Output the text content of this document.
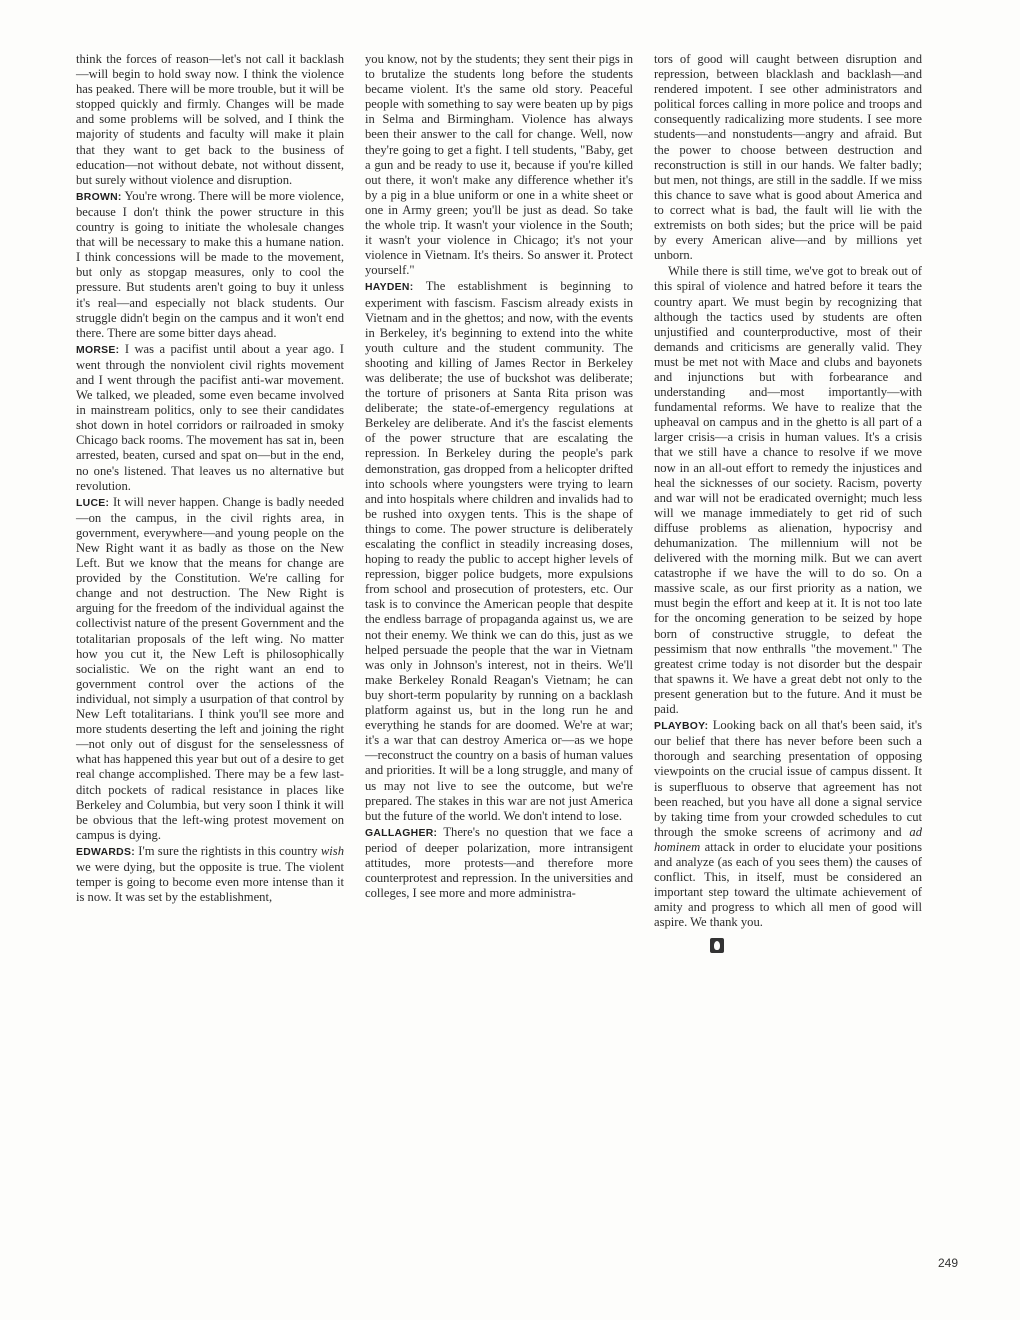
think the forces of reason—let's not call it backlash—will begin to hold sway now. I think the violence has peaked. There will be more trouble, but it will be stopped quickly and firmly. Changes will be made and some problems will be solved, and I think the majority of students and faculty will make it plain that they want to get back to the business of education—not without debate, not without dissent, but surely without violence and disruption.

BROWN: You're wrong. There will be more violence, because I don't think the power structure in this country is going to initiate the wholesale changes that will be necessary to make this a humane nation. I think concessions will be made to the movement, but only as stopgap measures, only to cool the pressure. But students aren't going to buy it unless it's real—and especially not black students. Our struggle didn't begin on the campus and it won't end there. There are some bitter days ahead.

MORSE: I was a pacifist until about a year ago. I went through the nonviolent civil rights movement and I went through the pacifist anti-war movement. We talked, we pleaded, some even became involved in mainstream politics, only to see their candidates shot down in hotel corridors or railroaded in smoky Chicago back rooms. The movement has sat in, been arrested, beaten, cursed and spat on—but in the end, no one's listened. That leaves us no alternative but revolution.

LUCE: It will never happen. Change is badly needed—on the campus, in the civil rights area, in government, everywhere—and young people on the New Right want it as badly as those on the New Left. But we know that the means for change are provided by the Constitution. We're calling for change and not destruction. The New Right is arguing for the freedom of the individual against the collectivist nature of the present Government and the totalitarian proposals of the left wing. No matter how you cut it, the New Left is philosophically socialistic. We on the right want an end to government control over the actions of the individual, not simply a usurpation of that control by New Left totalitarians. I think you'll see more and more students deserting the left and joining the right—not only out of disgust for the senselessness of what has happened this year but out of a desire to get real change accomplished. There may be a few last-ditch pockets of radical resistance in places like Berkeley and Columbia, but very soon I think it will be obvious that the left-wing protest movement on campus is dying.

EDWARDS: I'm sure the rightists in this country wish we were dying, but the opposite is true. The violent temper is going to become even more intense than it is now. It was set by the establishment,

you know, not by the students; they sent their pigs in to brutalize the students long before the students became violent. It's the same old story. Peaceful people with something to say were beaten up by pigs in Selma and Birmingham. Violence has always been their answer to the call for change. Well, now they're going to get a fight. I tell students, "Baby, get a gun and be ready to use it, because if you're killed out there, it won't make any difference whether it's by a pig in a blue uniform or one in a white sheet or one in Army green; you'll be just as dead. So take the whole trip. It wasn't your violence in the South; it wasn't your violence in Chicago; it's not your violence in Vietnam. It's theirs. So answer it. Protect yourself."

HAYDEN: The establishment is beginning to experiment with fascism. Fascism already exists in Vietnam and in the ghettos; and now, with the events in Berkeley, it's beginning to extend into the white youth culture and the student community. The shooting and killing of James Rector in Berkeley was deliberate; the use of buckshot was deliberate; the torture of prisoners at Santa Rita prison was deliberate; the state-of-emergency regulations at Berkeley are deliberate. And it's the fascist elements of the power structure that are escalating the repression. In Berkeley during the people's park demonstration, gas dropped from a helicopter drifted into schools where youngsters were trying to learn and into hospitals where children and invalids had to be rushed into oxygen tents. This is the shape of things to come. The power structure is deliberately escalating the conflict in steadily increasing doses, hoping to ready the public to accept higher levels of repression, bigger police budgets, more expulsions from school and prosecution of protesters, etc. Our task is to convince the American people that despite the endless barrage of propaganda against us, we are not their enemy. We think we can do this, just as we helped persuade the people that the war in Vietnam was only in Johnson's interest, not in theirs. We'll make Berkeley Ronald Reagan's Vietnam; he can buy short-term popularity by running on a backlash platform against us, but in the long run he and everything he stands for are doomed. We're at war; it's a war that can destroy America or—as we hope—reconstruct the country on a basis of human values and priorities. It will be a long struggle, and many of us may not live to see the outcome, but we're prepared. The stakes in this war are not just America but the future of the world. We don't intend to lose.

GALLAGHER: There's no question that we face a period of deeper polarization, more intransigent attitudes, more protests—and therefore more counterprotest and repression. In the universities and colleges, I see more and more administra-

tors of good will caught between disruption and repression, between blacklash and backlash—and rendered impotent. I see other administrators and political forces calling in more police and troops and consequently radicalizing more students. I see more students—and nonstudents—angry and afraid. But the power to choose between destruction and reconstruction is still in our hands. We falter badly; but men, not things, are still in the saddle. If we miss this chance to save what is good about America and to correct what is bad, the fault will lie with the extremists on both sides; but the price will be paid by every American alive—and by millions yet unborn.

While there is still time, we've got to break out of this spiral of violence and hatred before it tears the country apart. We must begin by recognizing that although the tactics used by students are often unjustified and counterproductive, most of their demands and criticisms are generally valid. They must be met not with Mace and clubs and bayonets and injunctions but with forbearance and understanding and—most importantly—with fundamental reforms. We have to realize that the upheaval on campus and in the ghetto is all part of a larger crisis—a crisis in human values. It's a crisis that we still have a chance to resolve if we move now in an all-out effort to remedy the injustices and heal the sicknesses of our society. Racism, poverty and war will not be eradicated overnight; much less will we manage immediately to get rid of such diffuse problems as alienation, hypocrisy and dehumanization. The millennium will not be delivered with the morning milk. But we can avert catastrophe if we have the will to do so. On a massive scale, as our first priority as a nation, we must begin the effort and keep at it. It is not too late for the oncoming generation to be seized by hope born of constructive struggle, to defeat the pessimism that now enthralls "the movement." The greatest crime today is not disorder but the despair that spawns it. We have a great debt not only to the present generation but to the future. And it must be paid.

PLAYBOY: Looking back on all that's been said, it's our belief that there has never before been such a thorough and searching presentation of opposing viewpoints on the crucial issue of campus dissent. It is superfluous to observe that agreement has not been reached, but you have all done a signal service by taking time from your crowded schedules to cut through the smoke screens of acrimony and ad hominem attack in order to elucidate your positions and analyze (as each of you sees them) the causes of conflict. This, in itself, must be considered an important step toward the ultimate achievement of amity and progress to which all men of good will aspire. We thank you.

249
